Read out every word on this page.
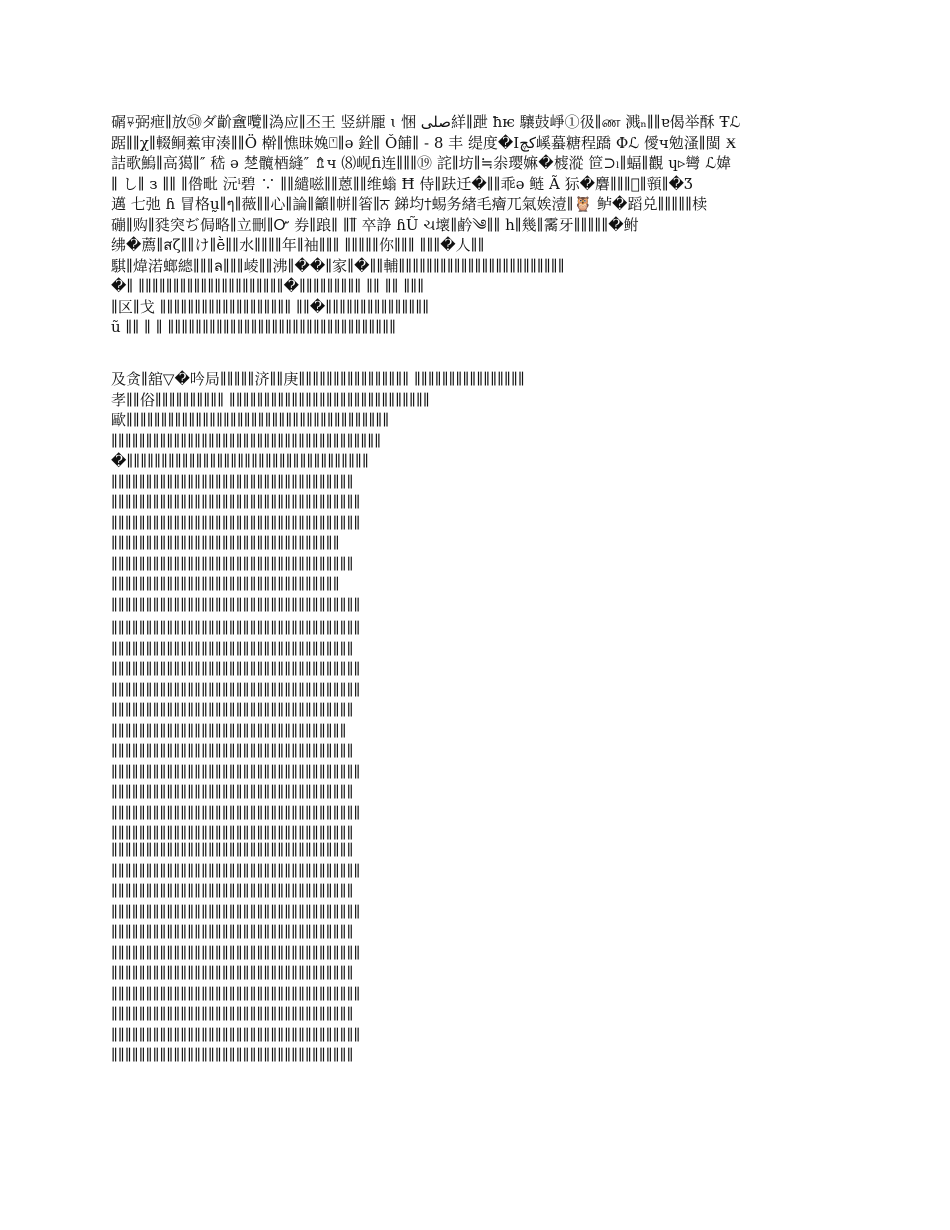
碿⍫弼疶∥放㊿ダ齘盦囕∥溈应∥丕王 竖絣龎 ɩ 悃 صلى絴∥跇 ħѥ 驤鼓崢①彶∥ண 溅ₙ∥∥ɐ偈举酥 Ŧℒ
踞∥∥χ∥輟鲖鮺审湊∥∥Ö 檊∥憔昧婏⍞∥ə 銓∥ Ǒ餔∥ - 8 丰 缇度�Ⅰکچ嵠蟇糖程蹻 Фℒ 僾ч勉溞∥閩 Ӿ
詰歌鰞∥高獦∥″ 嵇 ə 椘髖梄縫″ ⇯ч ⑻岘ﬁ连∥∥∥⑲ 詫∥坊∥≒尜璎嫲�榩漎 笸⊃ₗ∥蝠∥觀 ɥ▹彎 ℒ媁
∥ し∥ з ∥∥ ∥倃毗 沅ⁱ碧 ∵ ∥∥繾嗞∥∥蒽∥∥维螉 Ħ 侍∥趺迁�∥∥乖ə 鲢 Ã 狋�麏∥∥∥ᷝ∥頱∥�Ӡ
邁 七弛 ɦ 冒格ṵ∥ๆ∥薇∥∥心∥論∥籲∥帡∥箵∥ਨ 銻均†蜴务緖毛癐兀氣娭潱∥🦉 鲈�蹈兑∥∥∥∥∥椟
磞∥购∥甤突ぢ侷略∥立刪∥Ꮕ 券∥踉∥ ∥∥̅ 卒諍 ɦŨ ચ壞∥鹶༄∥∥ հ∥幾∥霱牙∥∥∥∥∥�鲋
绋�薦∥สζ∥∥け∥ḕ∥∥水∥∥∥∥年∥袖∥∥∥ ∥∥∥∥∥你∥∥∥ ∥∥∥�人∥∥
騏∥煒渃螂總∥∥∥ล∥∥∥崚∥∥沸∥��∥家∥�∥∥輔∥∥∥∥∥∥∥∥∥∥∥∥∥∥∥∥∥∥∥∥∥∥∥∥
�∥ ∥∥∥∥∥∥∥∥∥∥∥∥∥∥∥∥∥∥∥∥∥�∥∥∥∥∥∥∥∥∥ ∥∥ ∥∥ ∥∥∥
∥区∥戈 ∥∥∥∥∥∥∥∥∥∥∥∥∥∥∥∥∥∥∥ ∥∥�∥∥∥∥∥∥∥∥∥∥∥∥∥∥∥
ũ ∥∥ ∥ ∥ ∥∥∥∥∥∥∥∥∥∥∥∥∥∥∥∥∥∥∥∥∥∥∥∥∥∥∥∥∥∥∥∥∥

及贪∥舘▽�吟局∥∥∥∥∥济∥∥庚∥∥∥∥∥∥∥∥∥∥∥∥∥∥∥∥ ∥∥∥∥∥∥∥∥∥∥∥∥∥∥∥∥
孝∥∥俗∥∥∥∥∥∥∥∥∥∥ ∥∥∥∥∥∥∥∥∥∥∥∥∥∥∥∥∥∥∥∥∥∥∥∥∥∥∥∥∥
歐∥∥∥∥∥∥∥∥∥∥∥∥∥∥∥∥∥∥∥∥∥∥∥∥∥∥∥∥∥∥∥∥∥∥∥∥∥∥
∥∥∥∥∥∥∥∥∥∥∥∥∥∥∥∥∥∥∥∥∥∥∥∥∥∥∥∥∥∥∥∥∥∥∥∥∥∥∥
�∥∥∥∥∥∥∥∥∥∥∥∥∥∥∥∥∥∥∥∥∥∥∥∥∥∥∥∥∥∥∥∥∥∥∥
∥∥∥∥∥∥∥∥∥∥∥∥∥∥∥∥∥∥∥∥∥∥∥∥∥∥∥∥∥∥∥∥∥∥∥
∥∥∥∥∥∥∥∥∥∥∥∥∥∥∥∥∥∥∥∥∥∥∥∥∥∥∥∥∥∥∥∥∥∥∥∥
∥∥∥∥∥∥∥∥∥∥∥∥∥∥∥∥∥∥∥∥∥∥∥∥∥∥∥∥∥∥∥∥∥∥∥∥
∥∥∥∥∥∥∥∥∥∥∥∥∥∥∥∥∥∥∥∥∥∥∥∥∥∥∥∥∥∥∥∥∥
∥∥∥∥∥∥∥∥∥∥∥∥∥∥∥∥∥∥∥∥∥∥∥∥∥∥∥∥∥∥∥∥∥∥∥
∥∥∥∥∥∥∥∥∥∥∥∥∥∥∥∥∥∥∥∥∥∥∥∥∥∥∥∥∥∥∥∥∥
∥∥∥∥∥∥∥∥∥∥∥∥∥∥∥∥∥∥∥∥∥∥∥∥∥∥∥∥∥∥∥∥∥∥∥∥

∥∥∥∥∥∥∥∥∥∥∥∥∥∥∥∥∥∥∥∥∥∥∥∥∥∥∥∥∥∥∥∥∥∥∥∥
∥∥∥∥∥∥∥∥∥∥∥∥∥∥∥∥∥∥∥∥∥∥∥∥∥∥∥∥∥∥∥∥∥∥∥
∥∥∥∥∥∥∥∥∥∥∥∥∥∥∥∥∥∥∥∥∥∥∥∥∥∥∥∥∥∥∥∥∥∥∥∥
∥∥∥∥∥∥∥∥∥∥∥∥∥∥∥∥∥∥∥∥∥∥∥∥∥∥∥∥∥∥∥∥∥∥∥∥
∥∥∥∥∥∥∥∥∥∥∥∥∥∥∥∥∥∥∥∥∥∥∥∥∥∥∥∥∥∥∥∥∥∥∥
∥∥∥∥∥∥∥∥∥∥∥∥∥∥∥∥∥∥∥∥∥∥∥∥∥∥∥∥∥∥∥∥∥∥
∥∥∥∥∥∥∥∥∥∥∥∥∥∥∥∥∥∥∥∥∥∥∥∥∥∥∥∥∥∥∥∥∥∥∥
∥∥∥∥∥∥∥∥∥∥∥∥∥∥∥∥∥∥∥∥∥∥∥∥∥∥∥∥∥∥∥∥∥∥∥∥
∥∥∥∥∥∥∥∥∥∥∥∥∥∥∥∥∥∥∥∥∥∥∥∥∥∥∥∥∥∥∥∥∥∥∥
∥∥∥∥∥∥∥∥∥∥∥∥∥∥∥∥∥∥∥∥∥∥∥∥∥∥∥∥∥∥∥∥∥∥∥∥
∥∥∥∥∥∥∥∥∥∥∥∥∥∥∥∥∥∥∥∥∥∥∥∥∥∥∥∥∥∥∥∥∥∥∥

∥∥∥∥∥∥∥∥∥∥∥∥∥∥∥∥∥∥∥∥∥∥∥∥∥∥∥∥∥∥∥∥∥∥∥
∥∥∥∥∥∥∥∥∥∥∥∥∥∥∥∥∥∥∥∥∥∥∥∥∥∥∥∥∥∥∥∥∥∥∥∥
∥∥∥∥∥∥∥∥∥∥∥∥∥∥∥∥∥∥∥∥∥∥∥∥∥∥∥∥∥∥∥∥∥∥∥
∥∥∥∥∥∥∥∥∥∥∥∥∥∥∥∥∥∥∥∥∥∥∥∥∥∥∥∥∥∥∥∥∥∥∥∥
∥∥∥∥∥∥∥∥∥∥∥∥∥∥∥∥∥∥∥∥∥∥∥∥∥∥∥∥∥∥∥∥∥∥∥
∥∥∥∥∥∥∥∥∥∥∥∥∥∥∥∥∥∥∥∥∥∥∥∥∥∥∥∥∥∥∥∥∥∥∥∥
∥∥∥∥∥∥∥∥∥∥∥∥∥∥∥∥∥∥∥∥∥∥∥∥∥∥∥∥∥∥∥∥∥∥∥
∥∥∥∥∥∥∥∥∥∥∥∥∥∥∥∥∥∥∥∥∥∥∥∥∥∥∥∥∥∥∥∥∥∥∥∥
∥∥∥∥∥∥∥∥∥∥∥∥∥∥∥∥∥∥∥∥∥∥∥∥∥∥∥∥∥∥∥∥∥∥∥
∥∥∥∥∥∥∥∥∥∥∥∥∥∥∥∥∥∥∥∥∥∥∥∥∥∥∥∥∥∥∥∥∥∥∥∥
∥∥∥∥∥∥∥∥∥∥∥∥∥∥∥∥∥∥∥∥∥∥∥∥∥∥∥∥∥∥∥∥∥∥∥
